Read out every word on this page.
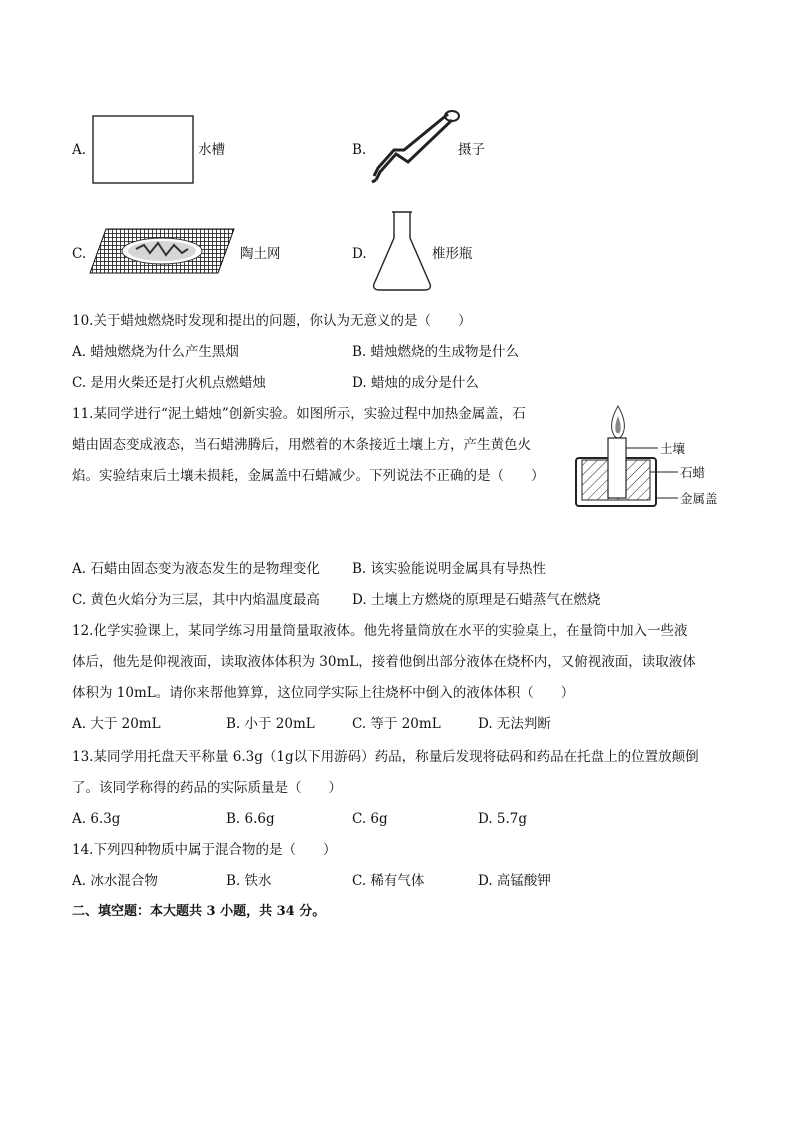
A.	水槽	B.	摄子
C.	陶土网	D.	椎形瓶
10.关于蜡烛燃烧时发现和提出的问题，你认为无意义的是（　　）
A. 蜡烛燃烧为什么产生黑烟	B. 蜡烛燃烧的生成物是什么
C. 是用火柴还是打火机点燃蜡烛	D. 蜡烛的成分是什么
11.某同学进行“泥土蜡烛”创新实验。如图所示，实验过程中加热金属盖，石
蜡由固态变成液态，当石蜡沸腾后，用燃着的木条接近土壤上方，产生黄色火
焰。实验结束后土壤未损耗，金属盖中石蜡减少。下列说法不正确的是（　　）
土壤
石蜡
金属盖
A. 石蜡由固态变为液态发生的是物理变化 B. 该实验能说明金属具有导热性
C. 黄色火焰分为三层，其中内焰温度最高 D. 土壤上方燃烧的原理是石蜡蒸气在燃烧
12.化学实验课上，某同学练习用量筒量取液体。他先将量筒放在水平的实验桌上，在量筒中加入一些液
体后，他先是仰视液面，读取液体体积为 30mL，接着他倒出部分液体在烧杯内，又俯视液面，读取液体
体积为 10mL。请你来帮他算算，这位同学实际上往烧杯中倒入的液体体积（　　）
A. 大于 20mL	B. 小于 20mL	C. 等于 20mL	D. 无法判断
13.某同学用托盘天平称量 6.3g（1g以下用游码）药品，称量后发现将砝码和药品在托盘上的位置放颠倒
了。该同学称得的药品的实际质量是（　　）
A. 6.3g	B. 6.6g	C. 6g	D. 5.7g
14.下列四种物质中属于混合物的是（　　）
A. 冰水混合物	B. 铁水	C. 稀有气体	D. 高锰酸钾
二、填空题：本大题共 3 小题，共 34 分。
